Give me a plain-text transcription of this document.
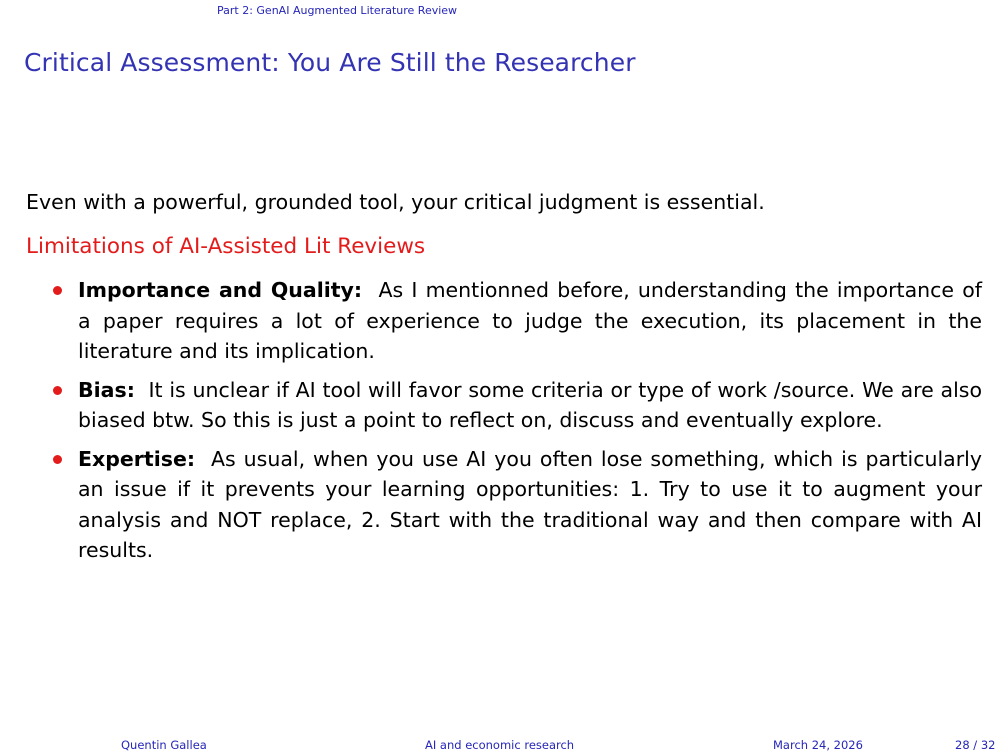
Part 2: GenAI Augmented Literature Review
Critical Assessment: You Are Still the Researcher
Even with a powerful, grounded tool, your critical judgment is essential.
Limitations of AI-Assisted Lit Reviews
Importance and Quality: As I mentionned before, understanding the importance of a paper requires a lot of experience to judge the execution, its placement in the literature and its implication.
Bias: It is unclear if AI tool will favor some criteria or type of work /source. We are also biased btw. So this is just a point to reflect on, discuss and eventually explore.
Expertise: As usual, when you use AI you often lose something, which is particularly an issue if it prevents your learning opportunities: 1. Try to use it to augment your analysis and NOT replace, 2. Start with the traditional way and then compare with AI results.
Quentin Gallea	AI and economic research	March 24, 2026	28 / 32
